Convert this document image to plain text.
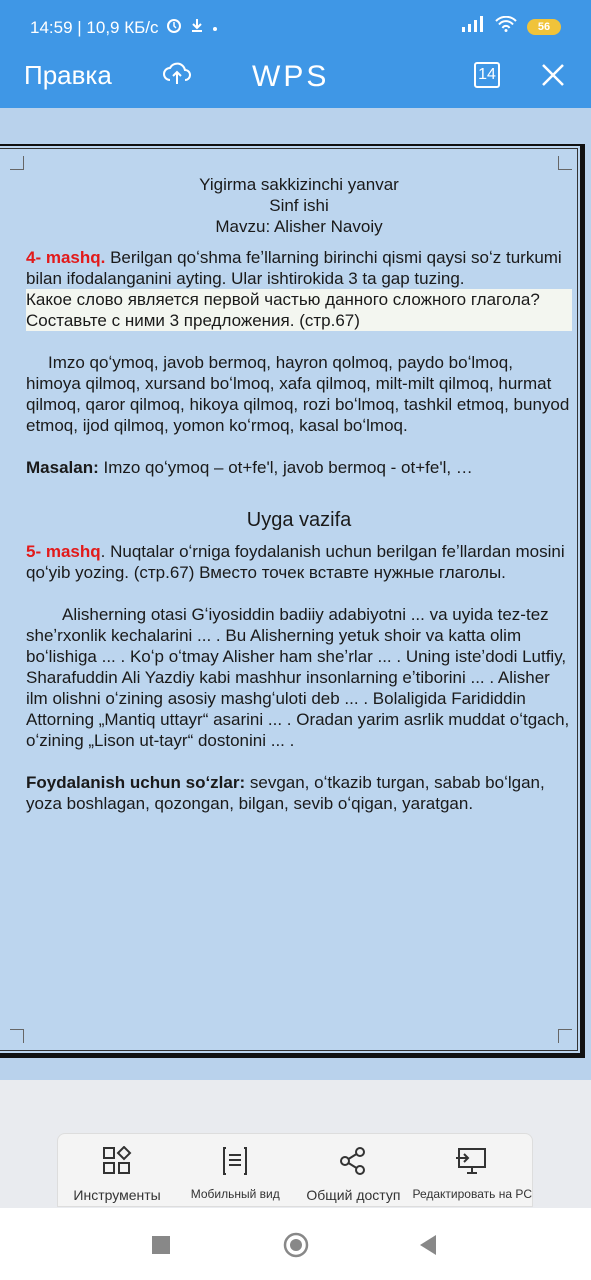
14:59 | 10,9 КБ/с	56
Правка	WPS	14
Yigirma sakkizinchi yanvar
Sinf ishi
Mavzu: Alisher Navoiy
4- mashq. Berilgan qoʻshma feʼllarning birinchi qismi qaysi soʻz turkumi bilan ifodalanganini ayting. Ular ishtirokida 3 ta gap tuzing.
Какое слово является первой частью данного сложного глагола?
Составьте с ними 3 предложения. (стр.67)
Imzo qoʻymoq, javob bermoq, hayron qolmoq, paydo boʻlmoq, himoya qilmoq, xursand boʻlmoq, xafa qilmoq, milt-milt qilmoq, hurmat qilmoq, qaror qilmoq, hikoya qilmoq, rozi boʻlmoq, tashkil etmoq, bunyod etmoq, ijod qilmoq, yomon koʻrmoq, kasal boʻlmoq.
Masalan: Imzo qoʻymoq – ot+fe'l, javob bermoq - ot+fe'l, …
Uyga vazifa
5- mashq. Nuqtalar oʻrniga foydalanish uchun berilgan feʼllardan mosini qoʻyib yozing. (стр.67) Вместо точек вставте нужные глаголы.
Alisherning otasi Gʻiyosiddin badiiy adabiyotni ... va uyida tez-tez sheʼrxonlik kechalarini ... . Bu Alisherning yetuk shoir va katta olim boʻlishiga ... . Koʻp oʻtmay Alisher ham sheʼrlar ... . Uning isteʼdodi Lutfiy, Sharafuddin Ali Yazdiy kabi mashhur insonlarning eʼtiborini ... . Alisher ilm olishni oʻzining asosiy mashgʻuloti deb ... . Bolaligida Farididdin Attorning „Mantiq uttayr“ asarini ... . Oradan yarim asrlik muddat oʻtgach, oʻzining „Lison ut-tayr“ dostonini ... .
Foydalanish uchun soʻzlar: sevgan, oʻtkazib turgan, sabab boʻlgan, yoza boshlagan, qozongan, bilgan, sevib oʻqigan, yaratgan.
Инструменты	Мобильный вид Общий доступ Редактировать на PC
